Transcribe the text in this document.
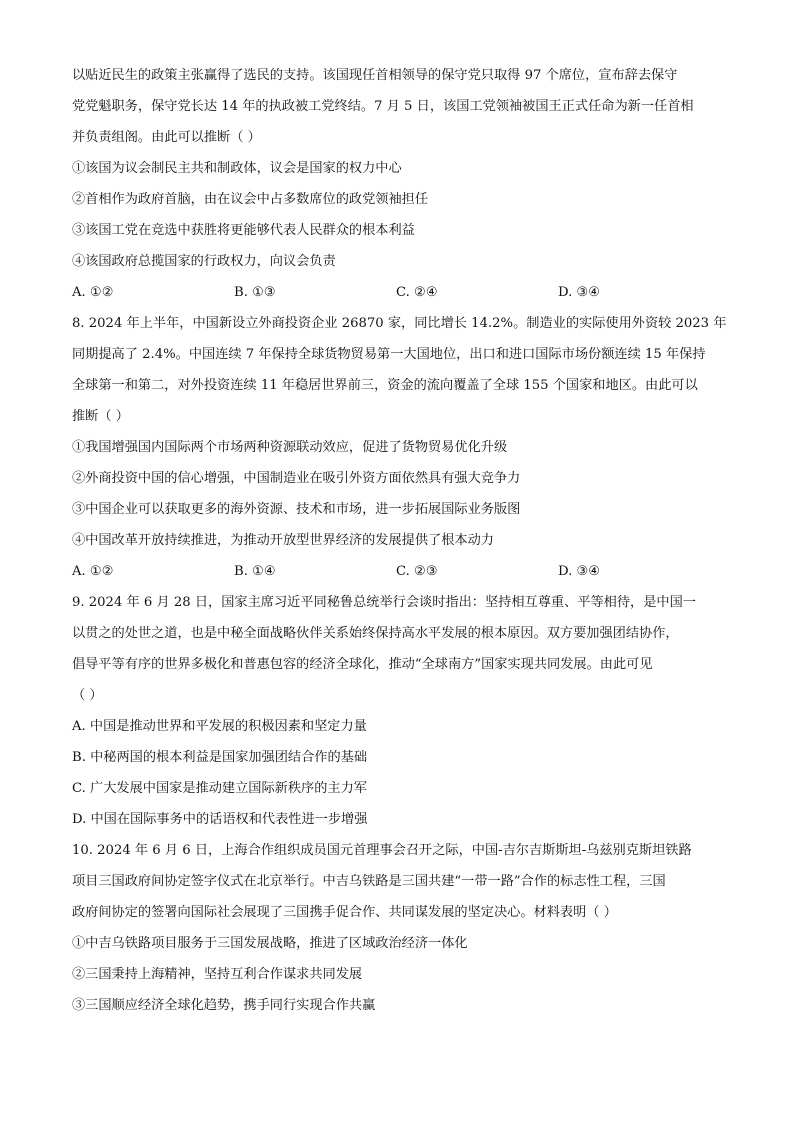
以贴近民生的政策主张赢得了选民的支持。该国现任首相领导的保守党只取得 97 个席位，宣布辞去保守
党党魁职务，保守党长达 14 年的执政被工党终结。7 月 5 日，该国工党领袖被国王正式任命为新一任首相
并负责组阁。由此可以推断（ ）
①该国为议会制民主共和制政体，议会是国家的权力中心
②首相作为政府首脑，由在议会中占多数席位的政党领袖担任
③该国工党在竞选中获胜将更能够代表人民群众的根本利益
④该国政府总揽国家的行政权力，向议会负责
A. ①②	B. ①③	C. ②④	D. ③④
8. 2024 年上半年，中国新设立外商投资企业 26870 家，同比增长 14.2%。制造业的实际使用外资较 2023 年
同期提高了 2.4%。中国连续 7 年保持全球货物贸易第一大国地位，出口和进口国际市场份额连续 15 年保持
全球第一和第二，对外投资连续 11 年稳居世界前三，资金的流向覆盖了全球 155 个国家和地区。由此可以
推断（ ）
①我国增强国内国际两个市场两种资源联动效应，促进了货物贸易优化升级
②外商投资中国的信心增强，中国制造业在吸引外资方面依然具有强大竞争力
③中国企业可以获取更多的海外资源、技术和市场，进一步拓展国际业务版图
④中国改革开放持续推进，为推动开放型世界经济的发展提供了根本动力
A. ①②	B. ①④	C. ②③	D. ③④
9. 2024 年 6 月 28 日，国家主席习近平同秘鲁总统举行会谈时指出：坚持相互尊重、平等相待，是中国一
以贯之的处世之道，也是中秘全面战略伙伴关系始终保持高水平发展的根本原因。双方要加强团结协作，
倡导平等有序的世界多极化和普惠包容的经济全球化，推动“全球南方”国家实现共同发展。由此可见
（ ）
A. 中国是推动世界和平发展的积极因素和坚定力量
B. 中秘两国的根本利益是国家加强团结合作的基础
C. 广大发展中国家是推动建立国际新秩序的主力军
D. 中国在国际事务中的话语权和代表性进一步增强
10. 2024 年 6 月 6 日，上海合作组织成员国元首理事会召开之际，中国-吉尔吉斯斯坦-乌兹别克斯坦铁路
项目三国政府间协定签字仪式在北京举行。中吉乌铁路是三国共建“一带一路”合作的标志性工程，三国
政府间协定的签署向国际社会展现了三国携手促合作、共同谋发展的坚定决心。材料表明（ ）
①中吉乌铁路项目服务于三国发展战略，推进了区域政治经济一体化
②三国秉持上海精神，坚持互利合作谋求共同发展
③三国顺应经济全球化趋势，携手同行实现合作共赢
